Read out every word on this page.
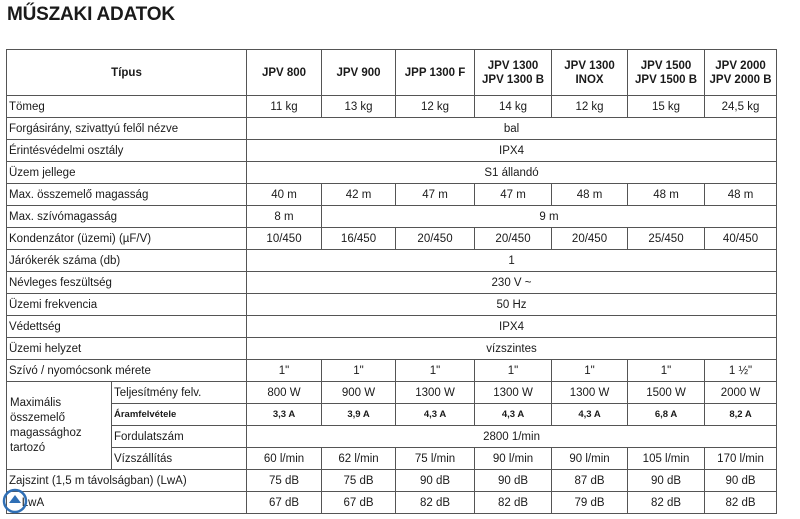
MŰSZAKI ADATOK
Típus		JPV 800	JPV 900	JPP 1300 F	JPV 1300 JPV 1300 B	JPV 1300 INOX	JPV 1500 JPV 1500 B	JPV 2000 JPV 2000 B
Tömeg		11 kg	13 kg	12 kg	14 kg	12 kg	15 kg	24,5 kg
Forgásirány, szivattyú felől nézve		bal						
Érintésvédelmi osztály		IPX4						
Üzem jellege		S1 állandó						
Max. összemelő magasság		40 m	42 m	47 m	47 m	48 m	48 m	48 m
Max. szívómagasság		8 m	9 m					
Kondenzátor (üzemi) (µF/V)		10/450	16/450	20/450	20/450	20/450	25/450	40/450
Járókerék száma (db)		1						
Névleges feszültség		230 V ~						
Üzemi frekvencia		50 Hz						
Védettség		IPX4						
Üzemi helyzet		vízszintes						
Szívó / nyomócsonk mérete		1"	1"	1"	1"	1"	1"	1 ½"
Maximális összemelő magassághoz tartozó	Teljesítmény felv.	800 W	900 W	1300 W	1300 W	1300 W	1500 W	2000 W
	Áramfelvétele	3,3 A	3,9 A	4,3 A	4,3 A	4,3 A	6,8 A	8,2 A
	Fordulatszám	2800 1/min						
	Vízszállítás	60 l/min	62 l/min	75 l/min	90 l/min	90 l/min	105 l/min	170 l/min
Zajszint (1,5 m távolságban) (LwA)		75 dB	75 dB	90 dB	90 dB	87 dB	90 dB	90 dB
LwA		67 dB	67 dB	82 dB	82 dB	79 dB	82 dB	82 dB
